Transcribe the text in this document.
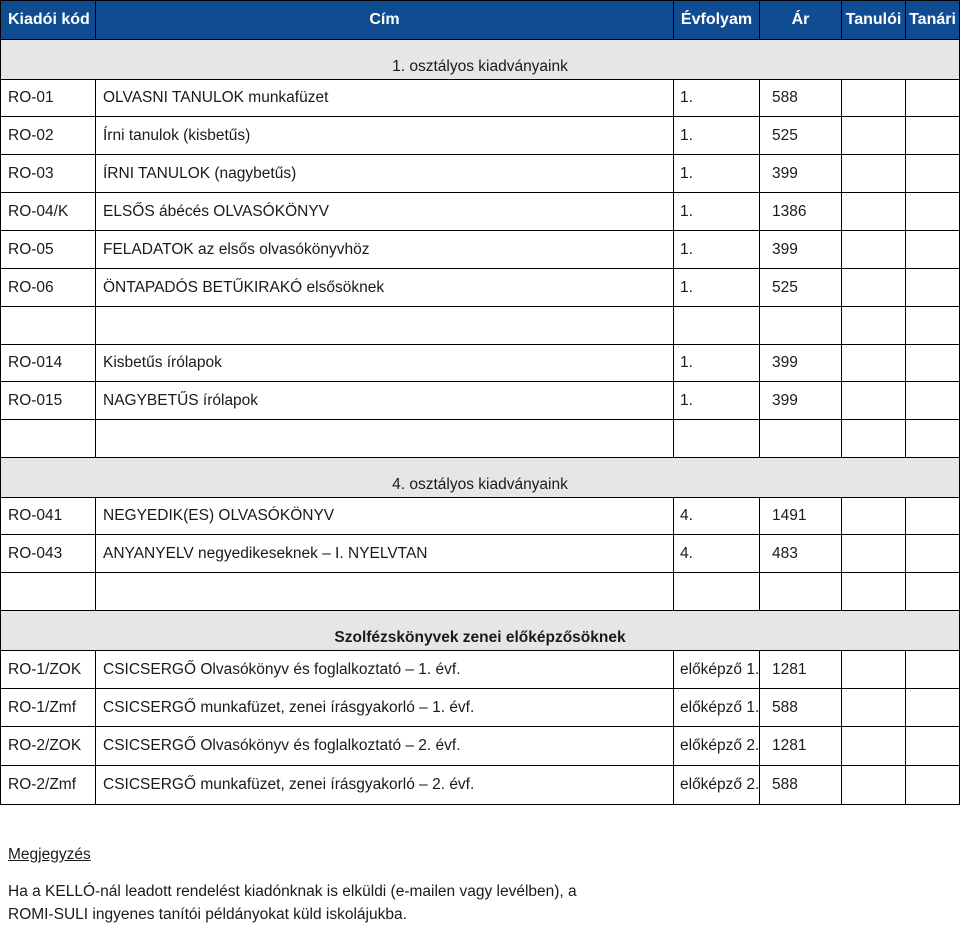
Kiadói kód	Cím	Évfolyam	Ár	Tanulói Tanári
1. osztályos kiadványaink
RO-01	OLVASNI TANULOK munkafüzet	1.	588
RO-02	Írni tanulok (kisbetűs)	1.	525
RO-03	ÍRNI TANULOK (nagybetűs)	1.	399
RO-04/K	ELSŐS ábécés OLVASÓKÖNYV	1.	1386
RO-05	FELADATOK az elsős olvasókönyvhöz	1.	399
RO-06	ÖNTAPADÓS BETŰKIRAKÓ elsősöknek	1.	525
RO-014	Kisbetűs írólapok	1.	399
RO-015	NAGYBETŰS írólapok	1.	399
4. osztályos kiadványaink
RO-041	NEGYEDIK(ES) OLVASÓKÖNYV	4.	1491
RO-043	ANYANYELV negyedikeseknek – I. NYELVTAN	4.	483
Szolfézskönyvek zenei előképzősöknek
RO-1/ZOK	CSICSERGŐ Olvasókönyv és foglalkoztató – 1. évf.	előképző 1. 1281
RO-1/Zmf	CSICSERGŐ munkafüzet, zenei írásgyakorló – 1. évf.	előképző 1. 588
RO-2/ZOK	CSICSERGŐ Olvasókönyv és foglalkoztató – 2. évf.	előképző 2. 1281
RO-2/Zmf	CSICSERGŐ munkafüzet, zenei írásgyakorló – 2. évf.	előképző 2. 588
Megjegyzés
Ha a KELLÓ-nál leadott rendelést kiadónknak is elküldi (e-mailen vagy levélben), a
ROMI-SULI ingyenes tanítói példányokat küld iskolájukba.
